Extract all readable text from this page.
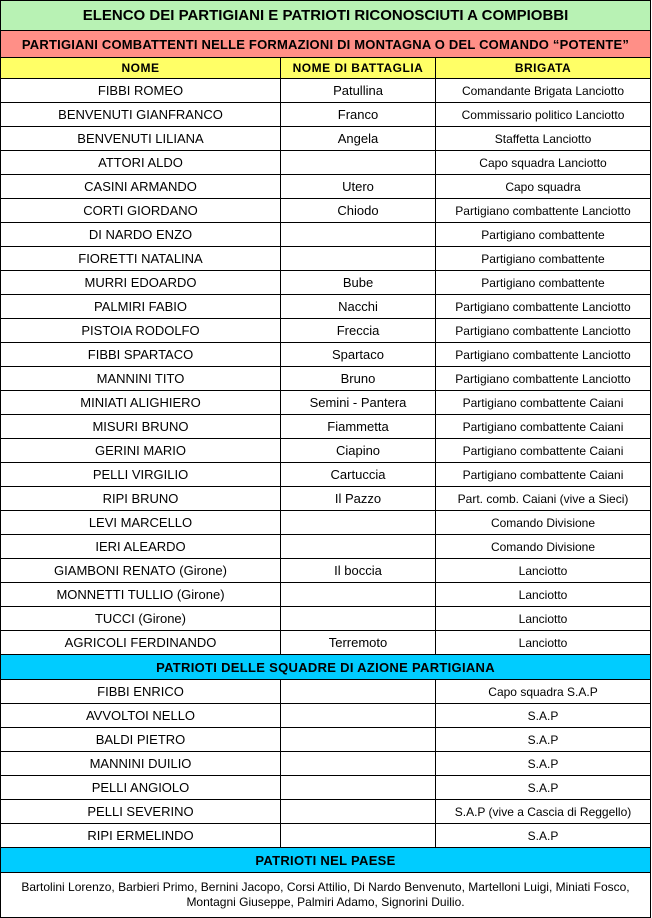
ELENCO DEI PARTIGIANI E PATRIOTI RICONOSCIUTI A COMPIOBBI		
PARTIGIANI COMBATTENTI NELLE FORMAZIONI DI MONTAGNA O DEL COMANDO “POTENTE”		
NOME	NOME DI BATTAGLIA	BRIGATA
FIBBI ROMEO	Patullina	Comandante Brigata Lanciotto
BENVENUTI GIANFRANCO	Franco	Commissario politico Lanciotto
BENVENUTI LILIANA	Angela	Staffetta Lanciotto
ATTORI ALDO		Capo squadra Lanciotto
CASINI ARMANDO	Utero	Capo squadra
CORTI GIORDANO	Chiodo	Partigiano combattente Lanciotto
DI NARDO ENZO		Partigiano combattente
FIORETTI NATALINA		Partigiano combattente
MURRI EDOARDO	Bube	Partigiano combattente
PALMIRI FABIO	Nacchi	Partigiano combattente Lanciotto
PISTOIA RODOLFO	Freccia	Partigiano combattente Lanciotto
FIBBI SPARTACO	Spartaco	Partigiano combattente Lanciotto
MANNINI TITO	Bruno	Partigiano combattente Lanciotto
MINIATI ALIGHIERO	Semini - Pantera	Partigiano combattente Caiani
MISURI BRUNO	Fiammetta	Partigiano combattente Caiani
GERINI MARIO	Ciapino	Partigiano combattente Caiani
PELLI VIRGILIO	Cartuccia	Partigiano combattente Caiani
RIPI BRUNO	Il Pazzo	Part. comb. Caiani (vive a Sieci)
LEVI MARCELLO		Comando Divisione
IERI ALEARDO		Comando Divisione
GIAMBONI RENATO (Girone)	Il boccia	Lanciotto
MONNETTI TULLIO (Girone)		Lanciotto
TUCCI (Girone)		Lanciotto
AGRICOLI FERDINANDO	Terremoto	Lanciotto
PATRIOTI DELLE SQUADRE DI AZIONE PARTIGIANA		
FIBBI ENRICO		Capo squadra S.A.P
AVVOLTOI NELLO		S.A.P
BALDI PIETRO		S.A.P
MANNINI DUILIO		S.A.P
PELLI ANGIOLO		S.A.P
PELLI SEVERINO		S.A.P (vive a Cascia di Reggello)
RIPI ERMELINDO		S.A.P
PATRIOTI NEL PAESE		
Bartolini Lorenzo, Barbieri Primo, Bernini Jacopo, Corsi Attilio, Di Nardo Benvenuto, Martelloni Luigi, Miniati Fosco, Montagni Giuseppe, Palmiri Adamo, Signorini Duilio.		
